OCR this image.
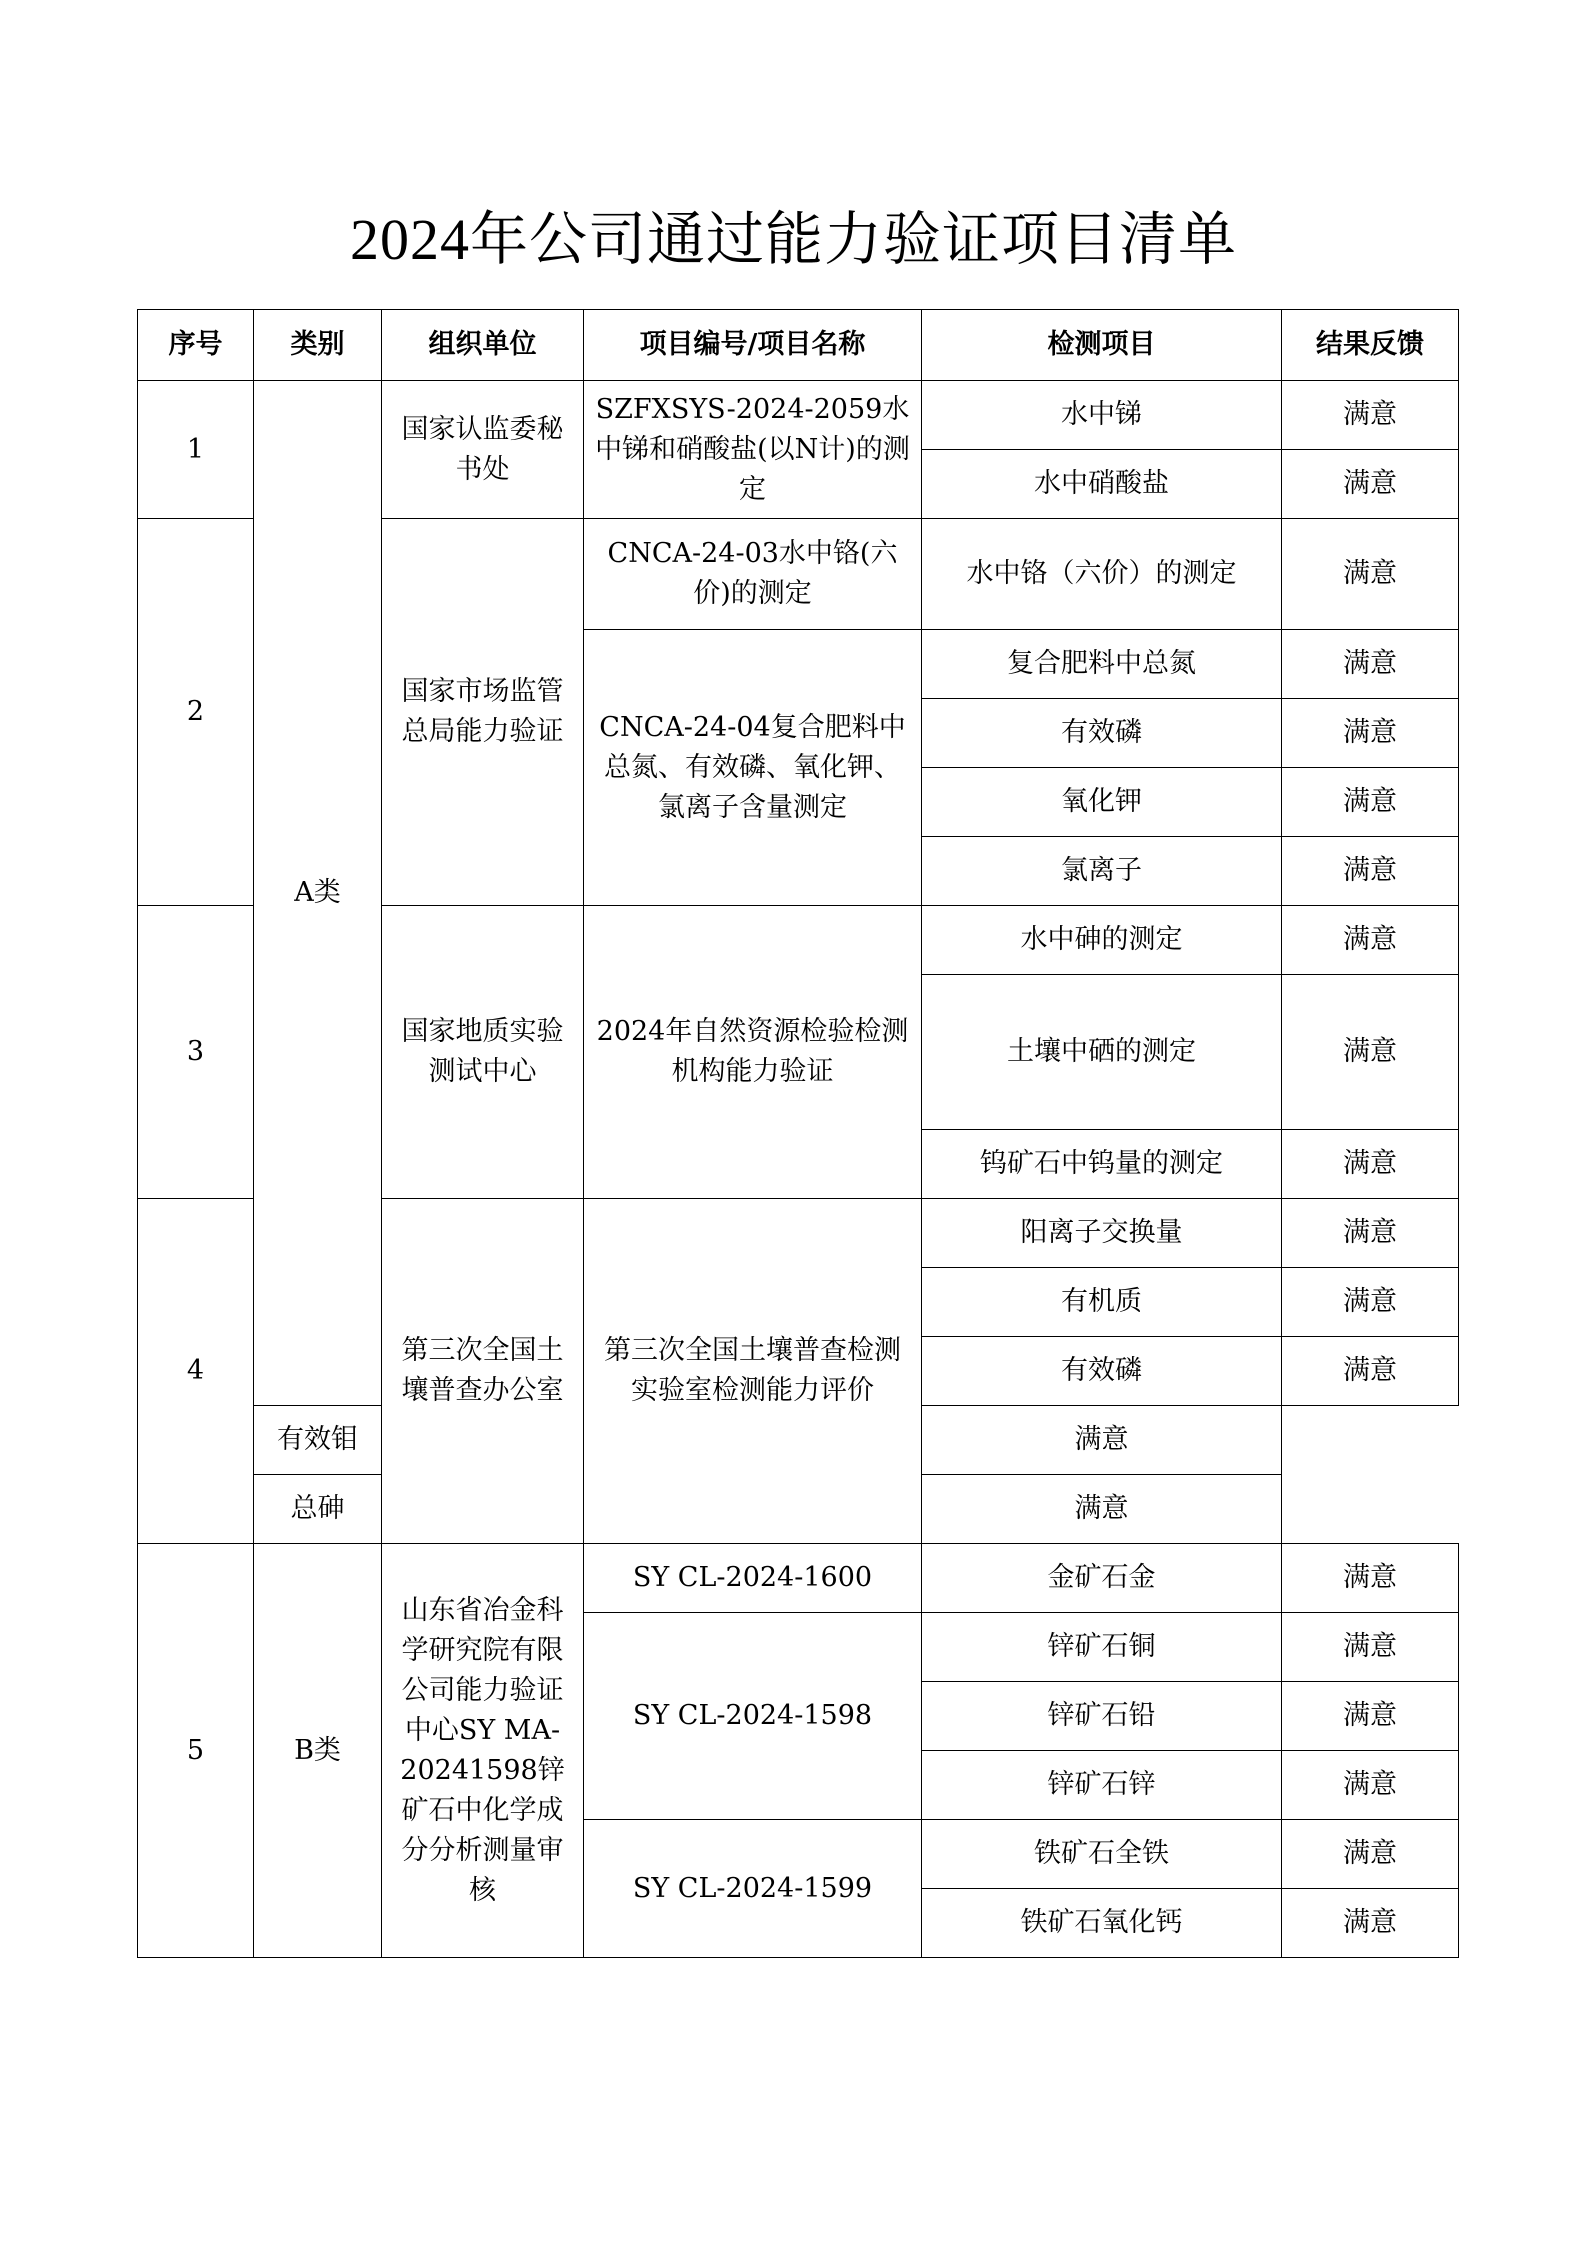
2024年公司通过能力验证项目清单
序号	类别	组织单位	项目编号/项目名称	检测项目	结果反馈
1	A类	国家认监委秘书处	SZFXSYS-2024-2059水中锑和硝酸盐(以N计)的测定	水中锑	满意
				水中硝酸盐	满意
2		国家市场监管总局能力验证	CNCA-24-03水中铬(六价)的测定	水中铬（六价）的测定	满意
			CNCA-24-04复合肥料中总氮、有效磷、氧化钾、氯离子含量测定	复合肥料中总氮	满意
				有效磷	满意
				氧化钾	满意
				氯离子	满意
3		国家地质实验测试中心	2024年自然资源检验检测机构能力验证	水中砷的测定	满意
				土壤中硒的测定	满意
				钨矿石中钨量的测定	满意
4		第三次全国土壤普查办公室	第三次全国土壤普查检测实验室检测能力评价	阳离子交换量	满意
				有机质	满意
				有效磷	满意
	有效钼			满意	
	总砷			满意	
5	B类	山东省冶金科学研究院有限公司能力验证中心SY MA-20241598锌矿石中化学成分分析测量审核	SY CL-2024-1600	金矿石金	满意
			SY CL-2024-1598	锌矿石铜	满意
				锌矿石铅	满意
				锌矿石锌	满意
			SY CL-2024-1599	铁矿石全铁	满意
				铁矿石氧化钙	满意
